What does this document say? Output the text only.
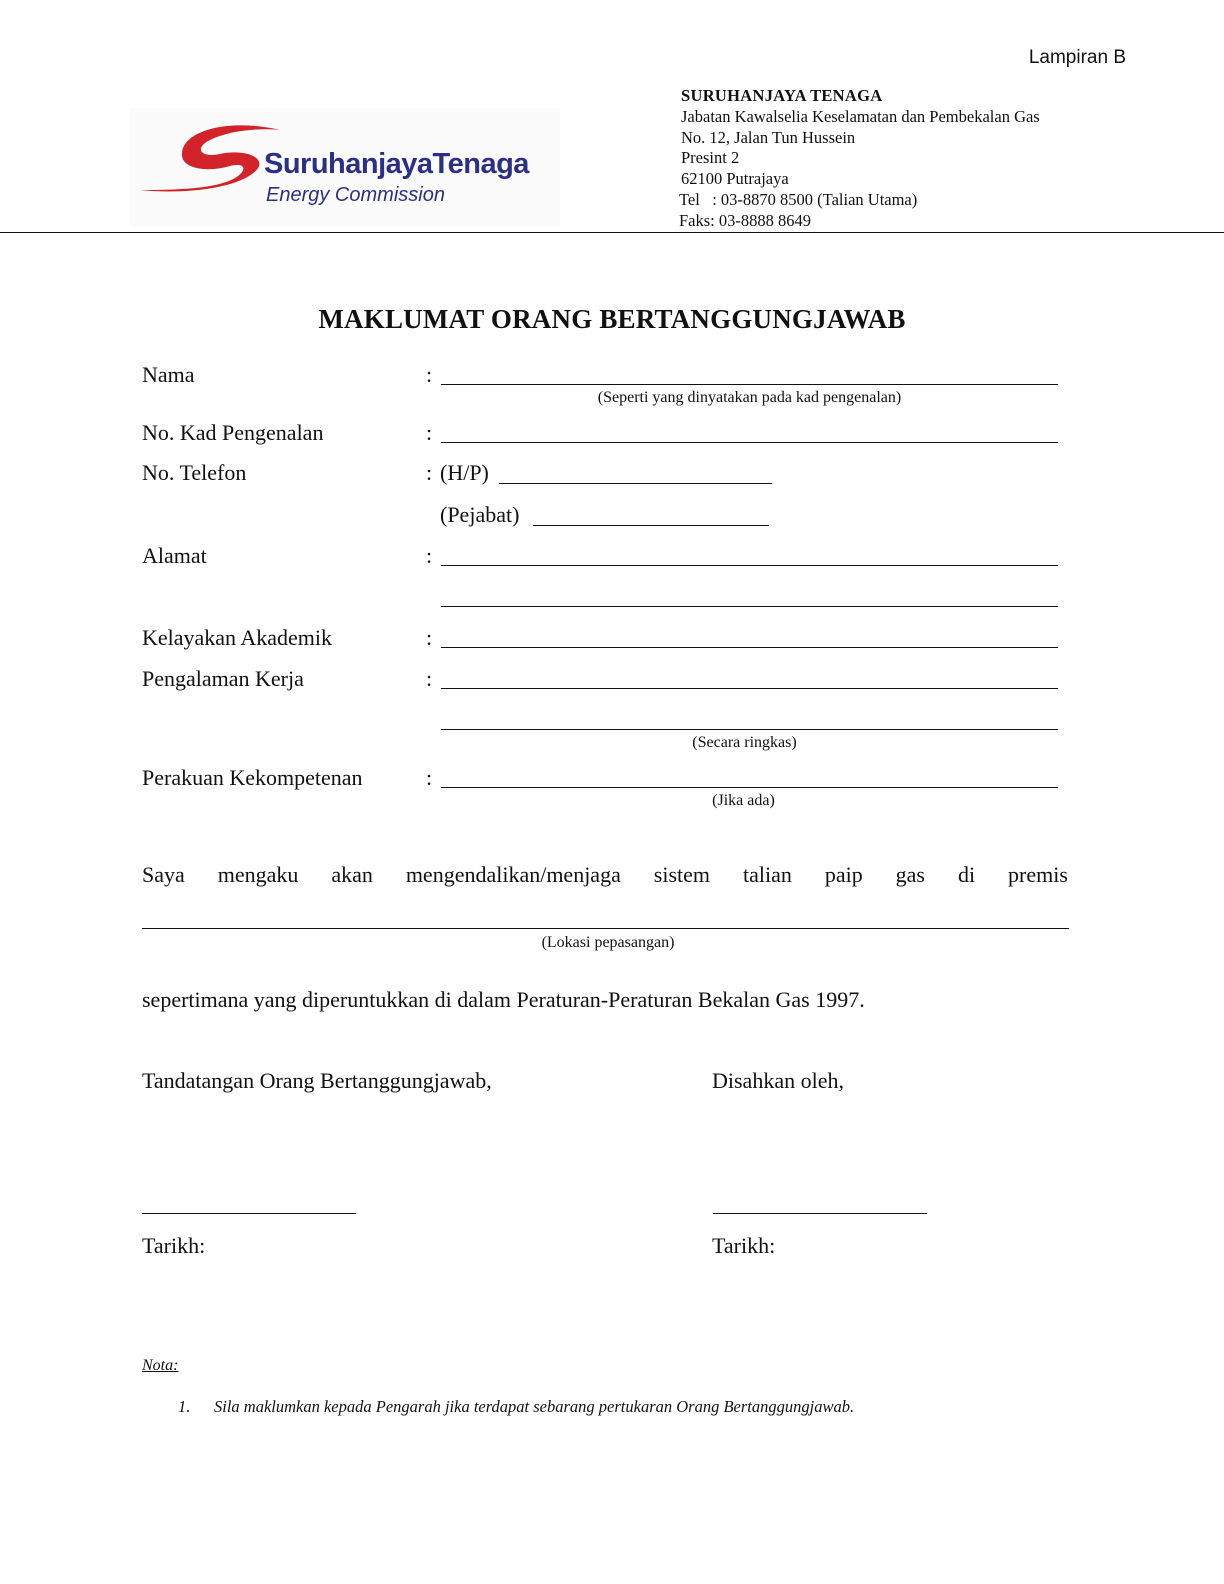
Lampiran B
SuruhanjayaTenaga
Energy Commission
SURUHANJAYA TENAGA
Jabatan Kawalselia Keselamatan dan Pembekalan Gas
No. 12, Jalan Tun Hussein
Presint 2
62100 Putrajaya
Tel   : 03-8870 8500 (Talian Utama)
Faks: 03-8888 8649
MAKLUMAT ORANG BERTANGGUNGJAWAB
Nama	:
(Seperti yang dinyatakan pada kad pengenalan)
No. Kad Pengenalan	:
No. Telefon	: (H/P)
(Pejabat)
Alamat	:
Kelayakan Akademik	:
Pengalaman Kerja	:
(Secara ringkas)
Perakuan Kekompetenan	:
(Jika ada)
Saya mengaku akan mengendalikan/menjaga sistem talian paip gas di premis
(Lokasi pepasangan)
sepertimana yang diperuntukkan di dalam Peraturan-Peraturan Bekalan Gas 1997.
Tandatangan Orang Bertanggungjawab,	Disahkan oleh,
Tarikh:	Tarikh:
Nota:
1. Sila maklumkan kepada Pengarah jika terdapat sebarang pertukaran Orang Bertanggungjawab.
